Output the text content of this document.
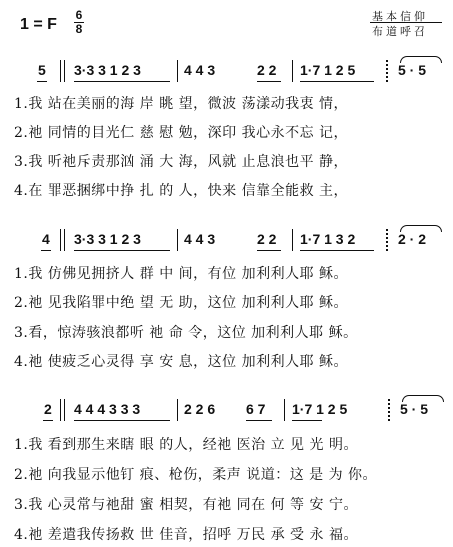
1 = F
6
8
基本信仰
布道呼召
5 3·3 3 1 2 3	4 4 3	2 2 1·7 1 2 5	5 · 5
1.我 站在美丽的海 岸 眺 望，微波 荡漾动我衷 情，
2.祂 同情的目光仁 慈 慰 勉，深印 我心永不忘 记，
3.我 听祂斥责那汹 涌 大 海，风就 止息浪也平 静，
4.在 罪恶捆绑中挣 扎 的 人，快来 信靠全能救 主，
4 3·3 3 1 2 3	4 4 3	2 2 1·7 1 3 2	2 · 2
1.我 仿佛见拥挤人 群 中 间，有位 加利利人耶 稣。
2.祂 见我陷罪中绝 望 无 助，这位 加利利人耶 稣。
3.看，惊涛骇浪都听 祂 命 令，这位 加利利人耶 稣。
4.祂 使疲乏心灵得 享 安 息，这位 加利利人耶 稣。
2 4 4 4 3 3 3	2 2 6 6 7 1·7 1 2 5	5 · 5
1.我 看到那生来瞎 眼 的人，经祂 医治 立 见 光 明。
2.祂 向我显示他钉 痕、枪伤，柔声 说道：这 是 为 你。
3.我 心灵常与祂甜 蜜 相契，有祂 同在 何 等 安 宁。
4.祂 差遣我传扬救 世 佳音，招呼 万民 承 受 永 福。
